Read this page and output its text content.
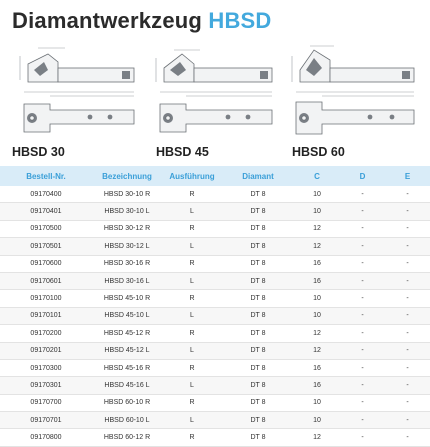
Diamantwerkzeug HBSD
HBSD 30	HBSD 45	HBSD 60
Bestell-Nr.	Bezeichnung	Ausführung	Diamant	C	D	E
09170400	HBSD 30-10 R	R	DT 8	10	-	-
09170401	HBSD 30-10 L	L	DT 8	10	-	-
09170500	HBSD 30-12 R	R	DT 8	12	-	-
09170501	HBSD 30-12 L	L	DT 8	12	-	-
09170600	HBSD 30-16 R	R	DT 8	16	-	-
09170601	HBSD 30-16 L	L	DT 8	16	-	-
09170100	HBSD 45-10 R	R	DT 8	10	-	-
09170101	HBSD 45-10 L	L	DT 8	10	-	-
09170200	HBSD 45-12 R	R	DT 8	12	-	-
09170201	HBSD 45-12 L	L	DT 8	12	-	-
09170300	HBSD 45-16 R	R	DT 8	16	-	-
09170301	HBSD 45-16 L	L	DT 8	16	-	-
09170700	HBSD 60-10 R	R	DT 8	10	-	-
09170701	HBSD 60-10 L	L	DT 8	10	-	-
09170800	HBSD 60-12 R	R	DT 8	12	-	-
